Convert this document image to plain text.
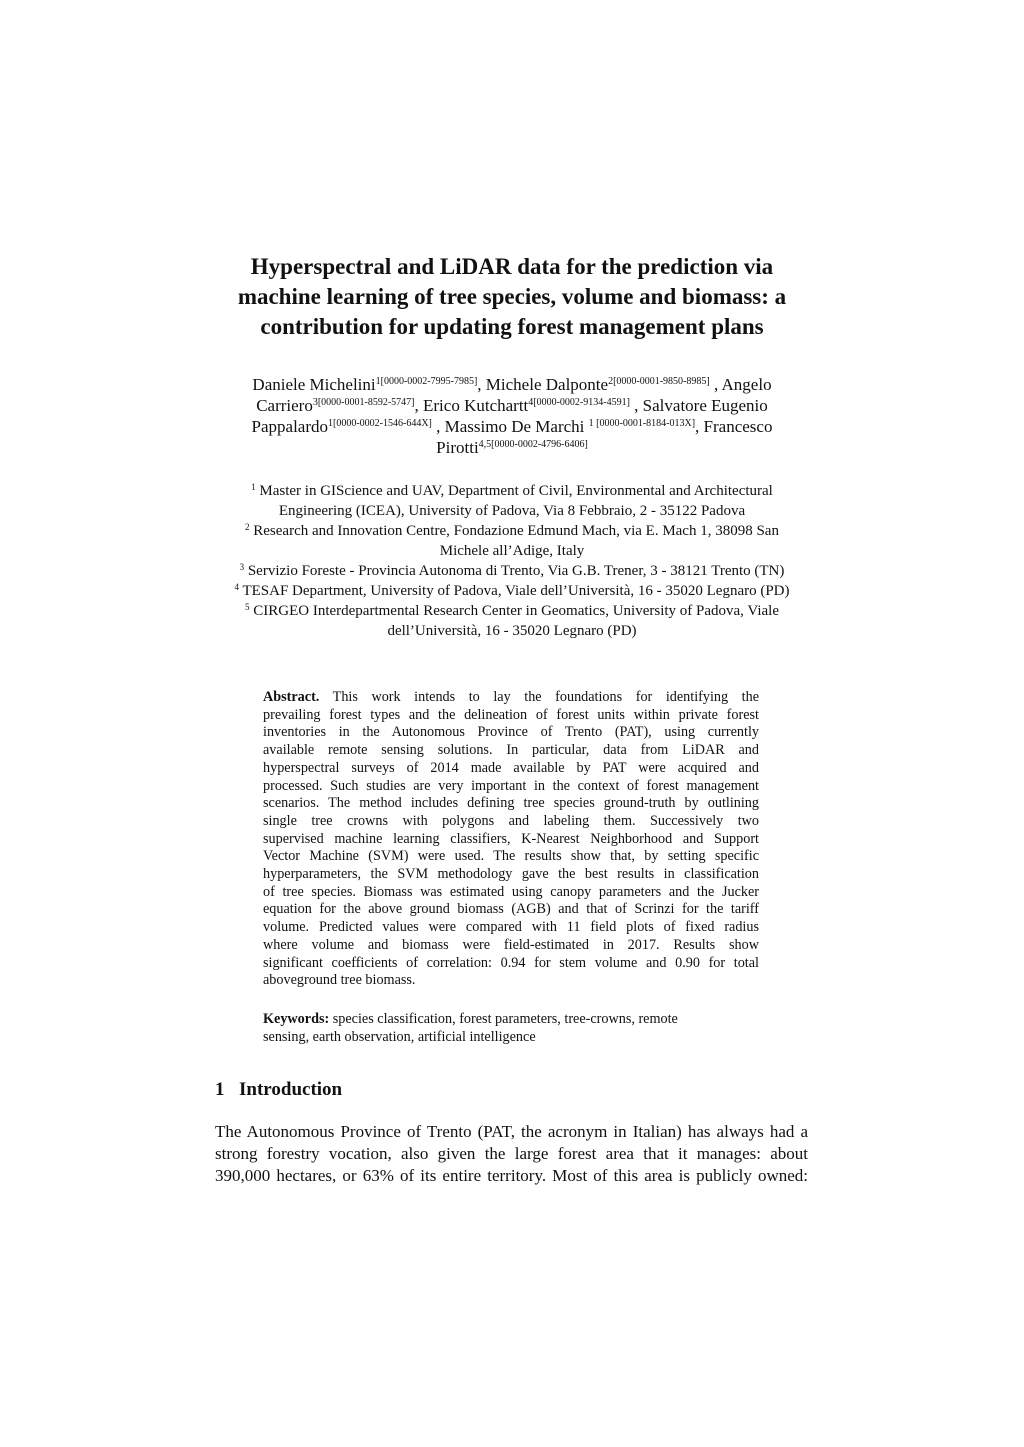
Hyperspectral and LiDAR data for the prediction via
machine learning of tree species, volume and biomass: a
contribution for updating forest management plans
Daniele Michelini$^{1[0000-0002-7995-7985]}$, Michele Dalponte$^{2[0000-0001-9850-8985]}$ , Angelo
Carriero$^{3[0000-0001-8592-5747]}$, Erico Kutchartt$^{4[0000-0002-9134-4591]}$ , Salvatore Eugenio
Pappalardo$^{1[0000-0002-1546-644X]}$ , Massimo De Marchi $^{1 [0000-0001-8184-013X]}$, Francesco
Pirotti$^{4,5[0000-0002-4796-6406]}$
$^1$ Master in GIScience and UAV, Department of Civil, Environmental and Architectural
Engineering (ICEA), University of Padova, Via 8 Febbraio, 2 - 35122 Padova
$^2$ Research and Innovation Centre, Fondazione Edmund Mach, via E. Mach 1, 38098 San
Michele all’Adige, Italy
$^3$ Servizio Foreste - Provincia Autonoma di Trento, Via G.B. Trener, 3 - 38121 Trento (TN)
$^4$ TESAF Department, University of Padova, Viale dell’Università, 16 - 35020 Legnaro (PD)
$^5$ CIRGEO Interdepartmental Research Center in Geomatics, University of Padova, Viale
dell’Università, 16 - 35020 Legnaro (PD)
Abstract. This work intends to lay the foundations for identifying the
prevailing forest types and the delineation of forest units within private forest
inventories in the Autonomous Province of Trento (PAT), using currently
available remote sensing solutions. In particular, data from LiDAR and
hyperspectral surveys of 2014 made available by PAT were acquired and
processed. Such studies are very important in the context of forest management
scenarios. The method includes defining tree species ground-truth by outlining
single tree crowns with polygons and labeling them. Successively two
supervised machine learning classifiers, K-Nearest Neighborhood and Support
Vector Machine (SVM) were used. The results show that, by setting specific
hyperparameters, the SVM methodology gave the best results in classification
of tree species. Biomass was estimated using canopy parameters and the Jucker
equation for the above ground biomass (AGB) and that of Scrinzi for the tariff
volume. Predicted values were compared with 11 field plots of fixed radius
where volume and biomass were field-estimated in 2017. Results show
significant coefficients of correlation: 0.94 for stem volume and 0.90 for total
aboveground tree biomass.
Keywords: species classification, forest parameters, tree-crowns, remote
sensing, earth observation, artificial intelligence
1 Introduction
The Autonomous Province of Trento (PAT, the acronym in Italian) has always had a
strong forestry vocation, also given the large forest area that it manages: about
390,000 hectares, or 63% of its entire territory. Most of this area is publicly owned:
